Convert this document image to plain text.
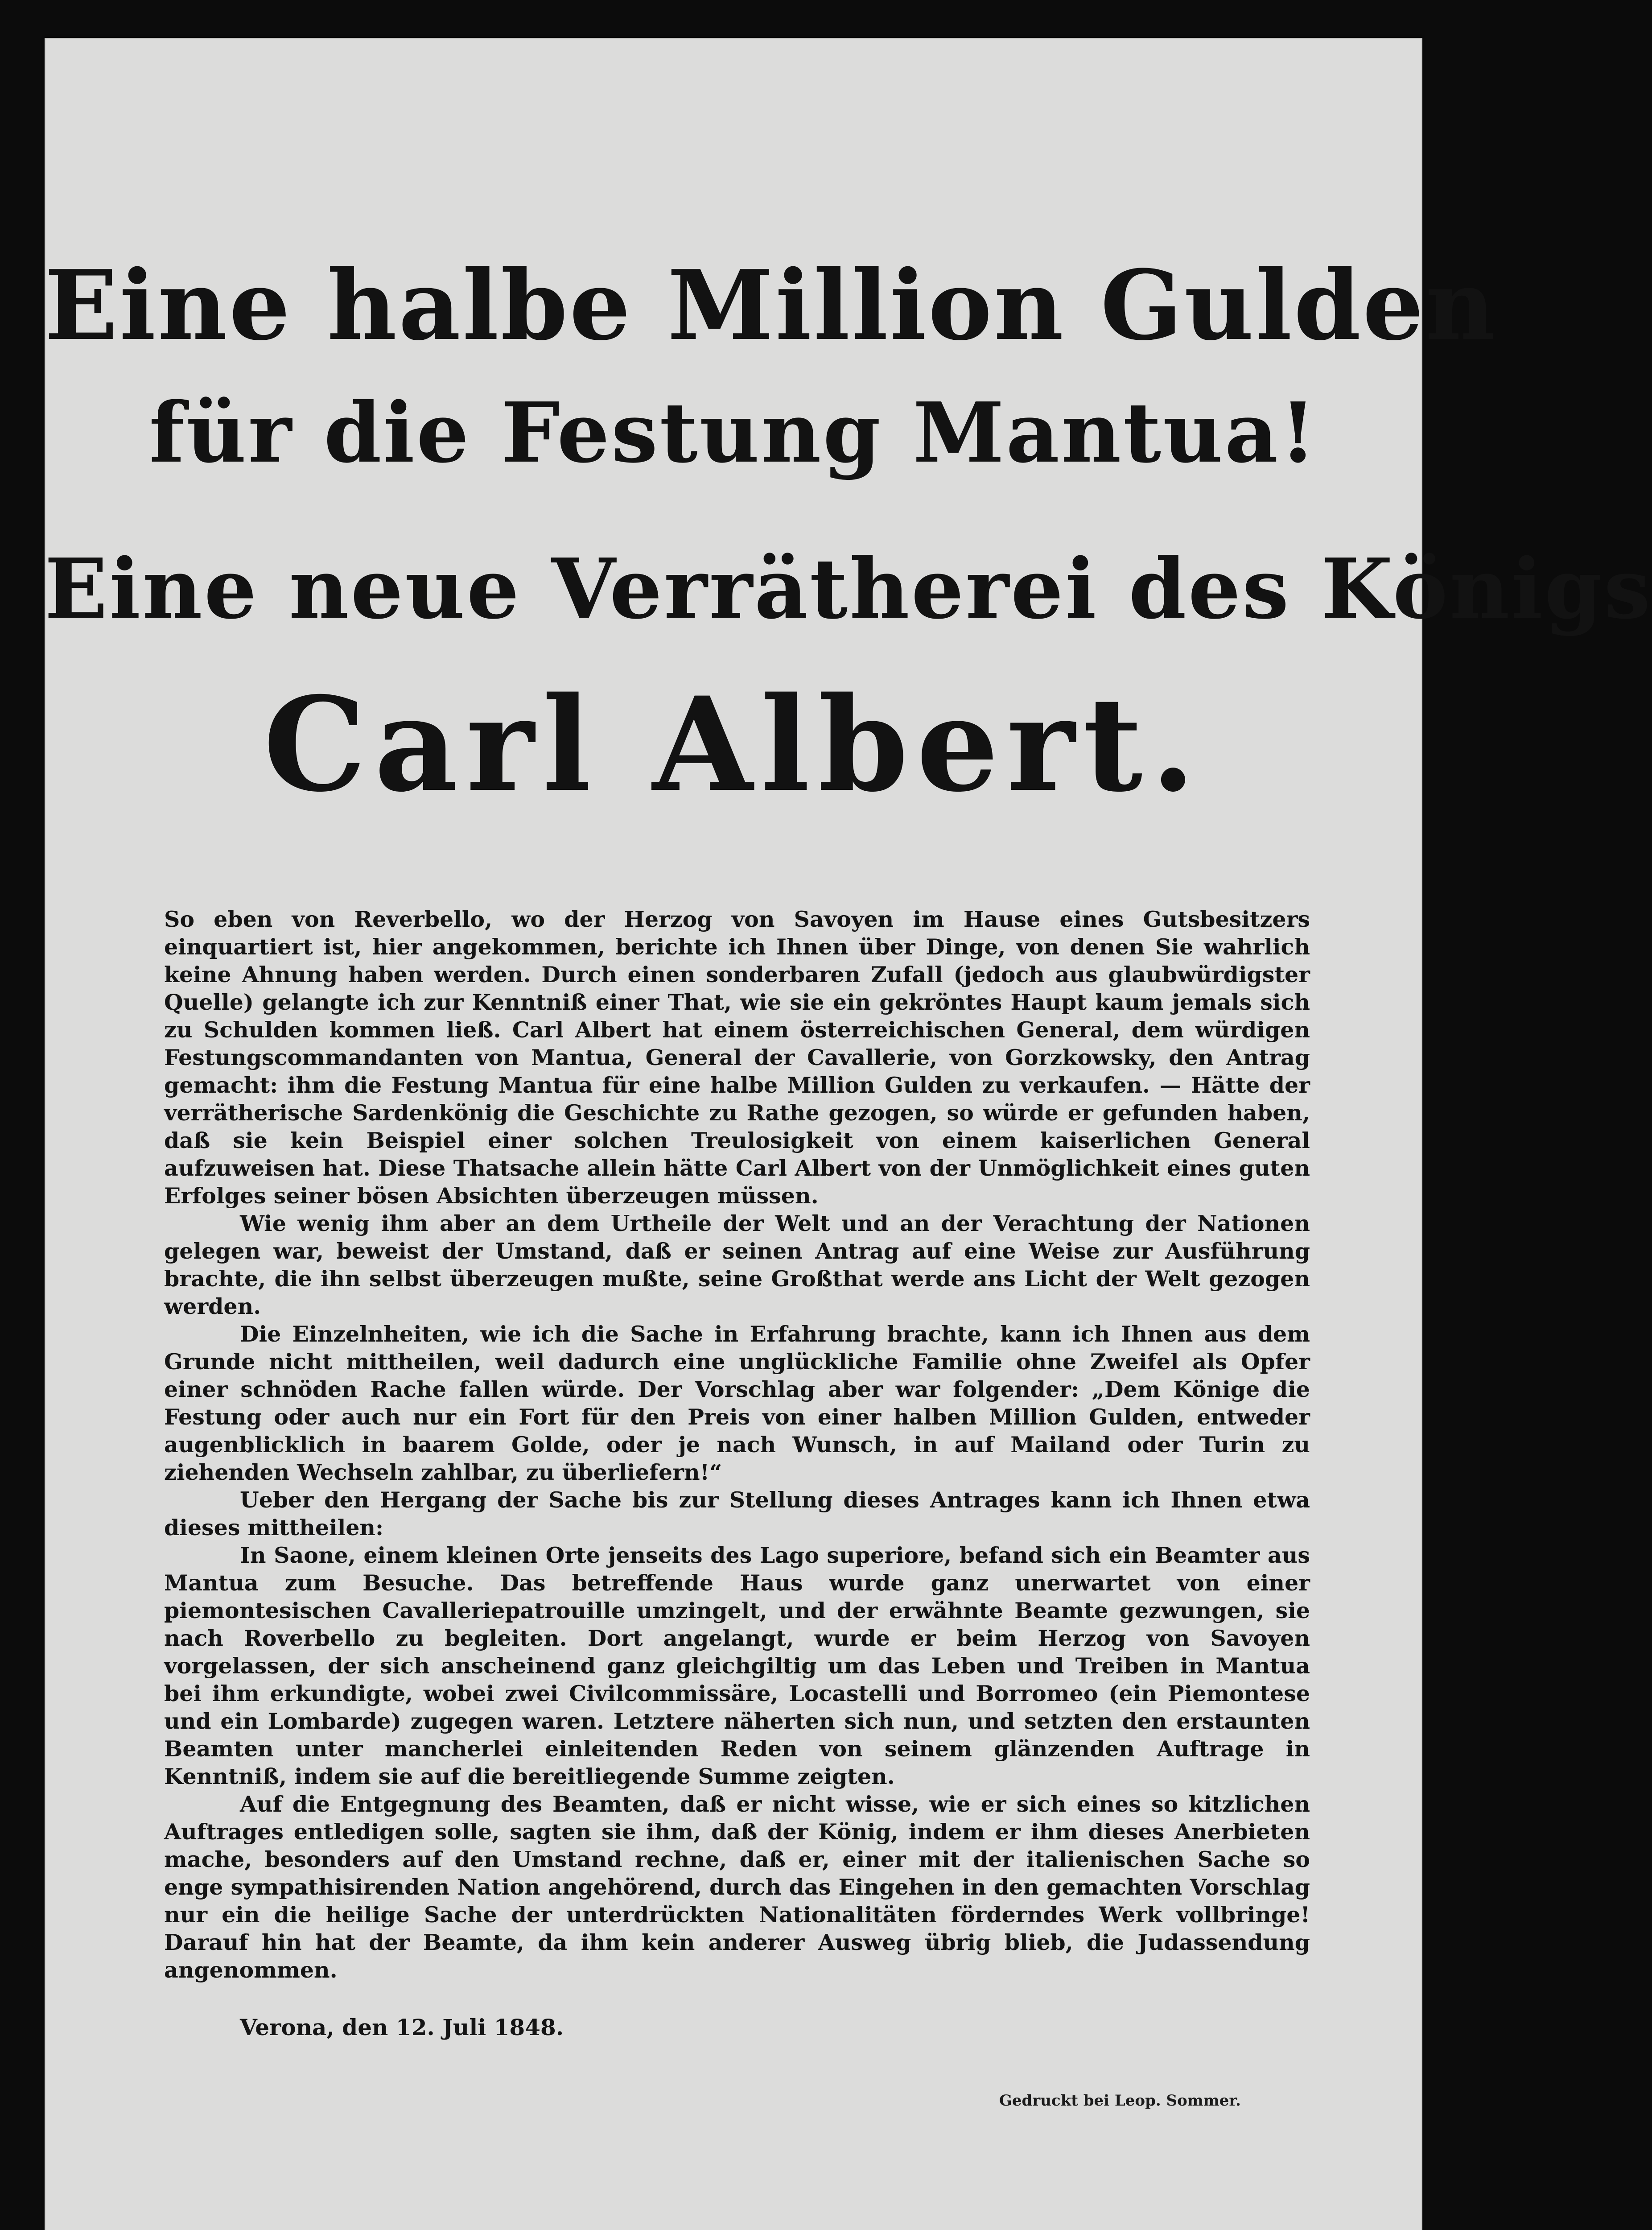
Eine halbe Million Gulden
für die Festung Mantua!
Eine neue Verrätherei des Königs
Carl Albert.

So eben von Reverbello, wo der Herzog von Savoyen im Hause eines Gutsbesitzers einquartiert ist, hier angekommen, berichte ich Ihnen über Dinge, von denen Sie wahrlich keine Ahnung haben werden. Durch einen sonderbaren Zufall (jedoch aus glaubwürdigster Quelle) gelangte ich zur Kenntniß einer That, wie sie ein gekröntes Haupt kaum jemals sich zu Schulden kommen ließ. Carl Albert hat einem österreichischen General, dem würdigen Festungscommandanten von Mantua, General der Cavallerie, von Gorzkowsky, den Antrag gemacht: ihm die Festung Mantua für eine halbe Million Gulden zu verkaufen. — Hätte der verrätherische Sardenkönig die Geschichte zu Rathe gezogen, so würde er gefunden haben, daß sie kein Beispiel einer solchen Treulosigkeit von einem kaiserlichen General aufzuweisen hat. Diese Thatsache allein hätte Carl Albert von der Unmöglichkeit eines guten Erfolges seiner bösen Absichten überzeugen müssen.

Wie wenig ihm aber an dem Urtheile der Welt und an der Verachtung der Nationen gelegen war, beweist der Umstand, daß er seinen Antrag auf eine Weise zur Ausführung brachte, die ihn selbst überzeugen mußte, seine Großthat werde ans Licht der Welt gezogen werden.

Die Einzelnheiten, wie ich die Sache in Erfahrung brachte, kann ich Ihnen aus dem Grunde nicht mittheilen, weil dadurch eine unglückliche Familie ohne Zweifel als Opfer einer schnöden Rache fallen würde. Der Vorschlag aber war folgender: „Dem Könige die Festung oder auch nur ein Fort für den Preis von einer halben Million Gulden, entweder augenblicklich in baarem Golde, oder je nach Wunsch, in auf Mailand oder Turin zu ziehenden Wechseln zahlbar, zu überliefern!“

Ueber den Hergang der Sache bis zur Stellung dieses Antrages kann ich Ihnen etwa dieses mittheilen:

In Saone, einem kleinen Orte jenseits des Lago superiore, befand sich ein Beamter aus Mantua zum Besuche. Das betreffende Haus wurde ganz unerwartet von einer piemontesischen Cavalleriepatrouille umzingelt, und der erwähnte Beamte gezwungen, sie nach Roverbello zu begleiten. Dort angelangt, wurde er beim Herzog von Savoyen vorgelassen, der sich anscheinend ganz gleichgiltig um das Leben und Treiben in Mantua bei ihm erkundigte, wobei zwei Civilcommissäre, Locastelli und Borromeo (ein Piemontese und ein Lombarde) zugegen waren. Letztere näherten sich nun, und setzten den erstaunten Beamten unter mancherlei einleitenden Reden von seinem glänzenden Auftrage in Kenntniß, indem sie auf die bereitliegende Summe zeigten.

Auf die Entgegnung des Beamten, daß er nicht wisse, wie er sich eines so kitzlichen Auftrages entledigen solle, sagten sie ihm, daß der König, indem er ihm dieses Anerbieten mache, besonders auf den Umstand rechne, daß er, einer mit der italienischen Sache so enge sympathisirenden Nation angehörend, durch das Eingehen in den gemachten Vorschlag nur ein die heilige Sache der unterdrückten Nationalitäten förderndes Werk vollbringe! Darauf hin hat der Beamte, da ihm kein anderer Ausweg übrig blieb, die Judassendung angenommen.

Verona, den 12. Juli 1848.
Gedruckt bei Leop. Sommer.
